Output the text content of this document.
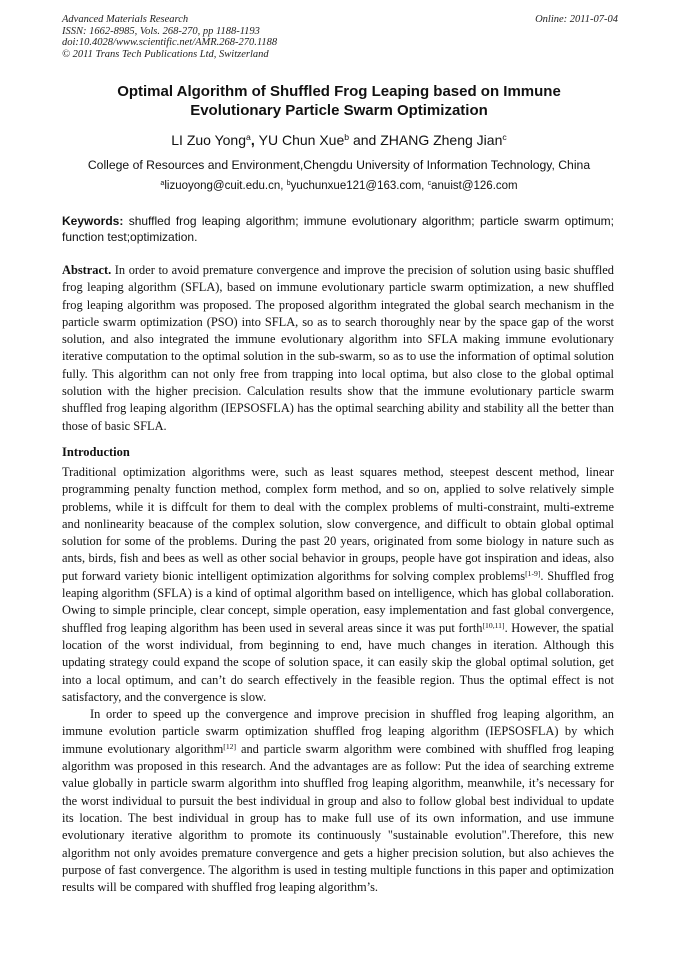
Advanced Materials Research
ISSN: 1662-8985, Vols. 268-270, pp 1188-1193
doi:10.4028/www.scientific.net/AMR.268-270.1188
© 2011 Trans Tech Publications Ltd, Switzerland
Online: 2011-07-04
Optimal Algorithm of Shuffled Frog Leaping based on Immune
Evolutionary Particle Swarm Optimization
LI Zuo Yong$^a$, YU Chun Xue$^b$ and ZHANG Zheng Jian$^c$
College of Resources and Environment,Chengdu University of Information Technology, China
$^a$lizuoyong@cuit.edu.cn, $^b$yuchunxue121@163.com, $^c$anuist@126.com
Keywords: shuffled frog leaping algorithm; immune evolutionary algorithm; particle swarm optimum; function test;optimization.
Abstract. In order to avoid premature convergence and improve the precision of solution using basic shuffled frog leaping algorithm (SFLA), based on immune evolutionary particle swarm optimization, a new shuffled frog leaping algorithm was proposed. The proposed algorithm integrated the global search mechanism in the particle swarm optimization (PSO) into SFLA, so as to search thoroughly near by the space gap of the worst solution, and also integrated the immune evolutionary algorithm into SFLA making immune evolutionary iterative computation to the optimal solution in the sub-swarm, so as to use the information of optimal solution fully. This algorithm can not only free from trapping into local optima, but also close to the global optimal solution with the higher precision. Calculation results show that the immune evolutionary particle swarm shuffled frog leaping algorithm (IEPSOSFLA) has the optimal searching ability and stability all the better than those of basic SFLA.
Introduction

Traditional optimization algorithms were, such as least squares method, steepest descent method, linear programming penalty function method, complex form method, and so on, applied to solve relatively simple problems, while it is diffcult for them to deal with the complex problems of multi-constraint, multi-extreme and nonlinearity beacause of the complex solution, slow convergence, and difficult to obtain global optimal solution for some of the problems. During the past 20 years, originated from some biology in nature such as ants, birds, fish and bees as well as other social behavior in groups, people have got inspiration and ideas, also put forward variety bionic intelligent optimization algorithms for solving complex problems[1-9]. Shuffled frog leaping algorithm (SFLA) is a kind of optimal algorithm based on intelligence, which has global collaboration. Owing to simple principle, clear concept, simple operation, easy implementation and fast global convergence, shuffled frog leaping algorithm has been used in several areas since it was put forth[10,11]. However, the spatial location of the worst individual, from beginning to end, have much changes in iteration. Although this updating strategy could expand the scope of solution space, it can easily skip the global optimal solution, get into a local optimum, and can’t do search effectively in the feasible region. Thus the optimal effect is not satisfactory, and the convergence is slow.

In order to speed up the convergence and improve precision in shuffled frog leaping algorithm, an immune evolution particle swarm optimization shuffled frog leaping algorithm (IEPSOSFLA) by which immune evolutionary algorithm[12] and particle swarm algorithm were combined with shuffled frog leaping algorithm was proposed in this research. And the advantages are as follow: Put the idea of searching extreme value globally in particle swarm algorithm into shuffled frog leaping algorithm, meanwhile, it’s necessary for the worst individual to pursuit the best individual in group and also to follow global best individual to update its location. The best individual in group has to make full use of its own information, and use immune evolutionary iterative algorithm to promote its continuously "sustainable evolution".Therefore, this new algorithm not only avoides premature convergence and gets a higher precision solution, but also achieves the purpose of fast convergence. The algorithm is used in testing multiple functions in this paper and optimization results will be compared with shuffled frog leaping algorithm’s.
